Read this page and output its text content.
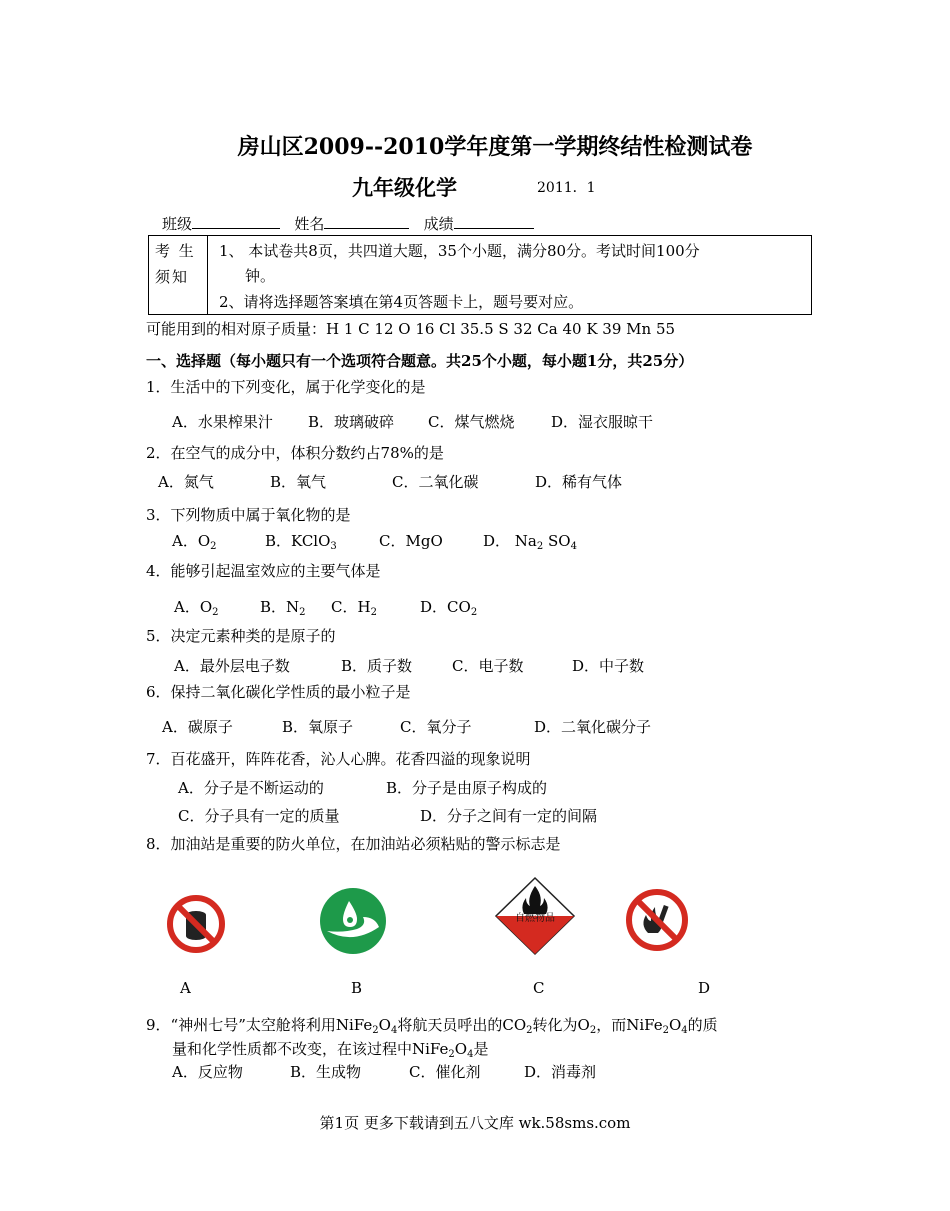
房山区2009--2010学年度第一学期终结性检测试卷
九年级化学	2011．1
班级	姓名	成绩
考 生
须知
1、 本试卷共8页，共四道大题，35个小题，满分80分。考试时间100分
钟。
2、请将选择题答案填在第4页答题卡上，题号要对应。
可能用到的相对原子质量：H 1 C 12 O 16 Cl 35.5 S 32 Ca 40 K 39 Mn 55
一、选择题（每小题只有一个选项符合题意。共25个小题，每小题1分，共25分）
1．生活中的下列变化，属于化学变化的是
A．水果榨果汁 B．玻璃破碎 C．煤气燃烧 D．湿衣服晾干
2．在空气的成分中，体积分数约占78%的是
A．氮气	B．氧气	C．二氧化碳	D．稀有气体
3．下列物质中属于氧化物的是
A．$O_2$	B．KClO$_3$	C．MgO	D． $Na_2$ $SO_4$
4．能够引起温室效应的主要气体是
A．$O_2$	B．$N_2$ C．$H_2$	D．$CO_2$
5．决定元素种类的是原子的
A．最外层电子数	B．质子数	C．电子数	D．中子数
6．保持二氧化碳化学性质的最小粒子是
A．碳原子	B．氧原子	C．氧分子	D．二氧化碳分子
7．百花盛开，阵阵花香，沁人心脾。花香四溢的现象说明
A．分子是不断运动的	B．分子是由原子构成的
C．分子具有一定的质量	D．分子之间有一定的间隔
8．加油站是重要的防火单位，在加油站必须粘贴的警示标志是
自燃物品
A	B	C	D
9．“神州七号”太空舱将利用$NiFe_2O_4$将航天员呼出的$CO_2$转化为$O_2$，而$NiFe_2O_4$的质
量和化学性质都不改变，在该过程中$NiFe_2O_4$是
A．反应物	B．生成物	C．催化剂	D．消毒剂
第1页 更多下载请到五八文库 wk.58sms.com
